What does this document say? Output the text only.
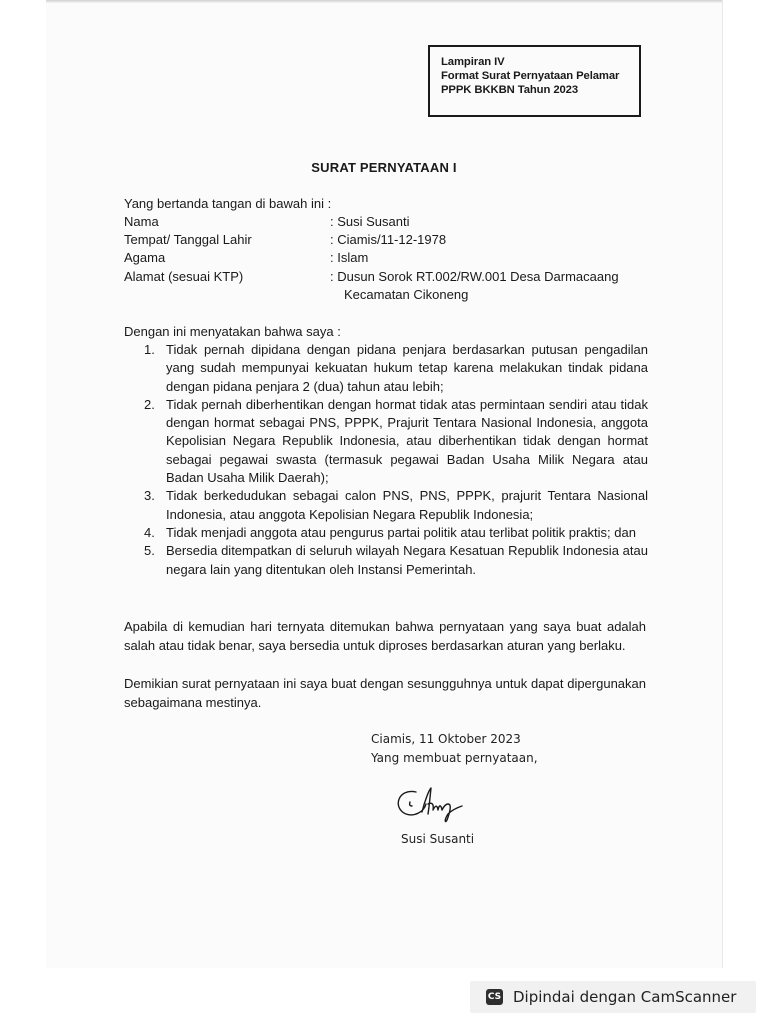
Lampiran IV
Format Surat Pernyataan Pelamar
PPPK BKKBN Tahun 2023
SURAT PERNYATAAN I
Yang bertanda tangan di bawah ini :
Nama	: Susi Susanti
Tempat/ Tanggal Lahir	: Ciamis/11-12-1978
Agama	: Islam
Alamat (sesuai KTP)	: Dusun Sorok RT.002/RW.001 Desa Darmacaang
Kecamatan Cikoneng
Dengan ini menyatakan bahwa saya :
1. Tidak pernah dipidana dengan pidana penjara berdasarkan putusan pengadilan yang sudah mempunyai kekuatan hukum tetap karena melakukan tindak pidana dengan pidana penjara 2 (dua) tahun atau lebih;
2. Tidak pernah diberhentikan dengan hormat tidak atas permintaan sendiri atau tidak dengan hormat sebagai PNS, PPPK, Prajurit Tentara Nasional Indonesia, anggota Kepolisian Negara Republik Indonesia, atau diberhentikan tidak dengan hormat sebagai pegawai swasta (termasuk pegawai Badan Usaha Milik Negara atau Badan Usaha Milik Daerah);
3. Tidak berkedudukan sebagai calon PNS, PNS, PPPK, prajurit Tentara Nasional Indonesia, atau anggota Kepolisian Negara Republik Indonesia;
4. Tidak menjadi anggota atau pengurus partai politik atau terlibat politik praktis; dan
5. Bersedia ditempatkan di seluruh wilayah Negara Kesatuan Republik Indonesia atau negara lain yang ditentukan oleh Instansi Pemerintah.
Apabila di kemudian hari ternyata ditemukan bahwa pernyataan yang saya buat adalah salah atau tidak benar, saya bersedia untuk diproses berdasarkan aturan yang berlaku.
Demikian surat pernyataan ini saya buat dengan sesungguhnya untuk dapat dipergunakan sebagaimana mestinya.
Ciamis, 11 Oktober 2023
Yang membuat pernyataan,
Susi Susanti
CS Dipindai dengan CamScanner
